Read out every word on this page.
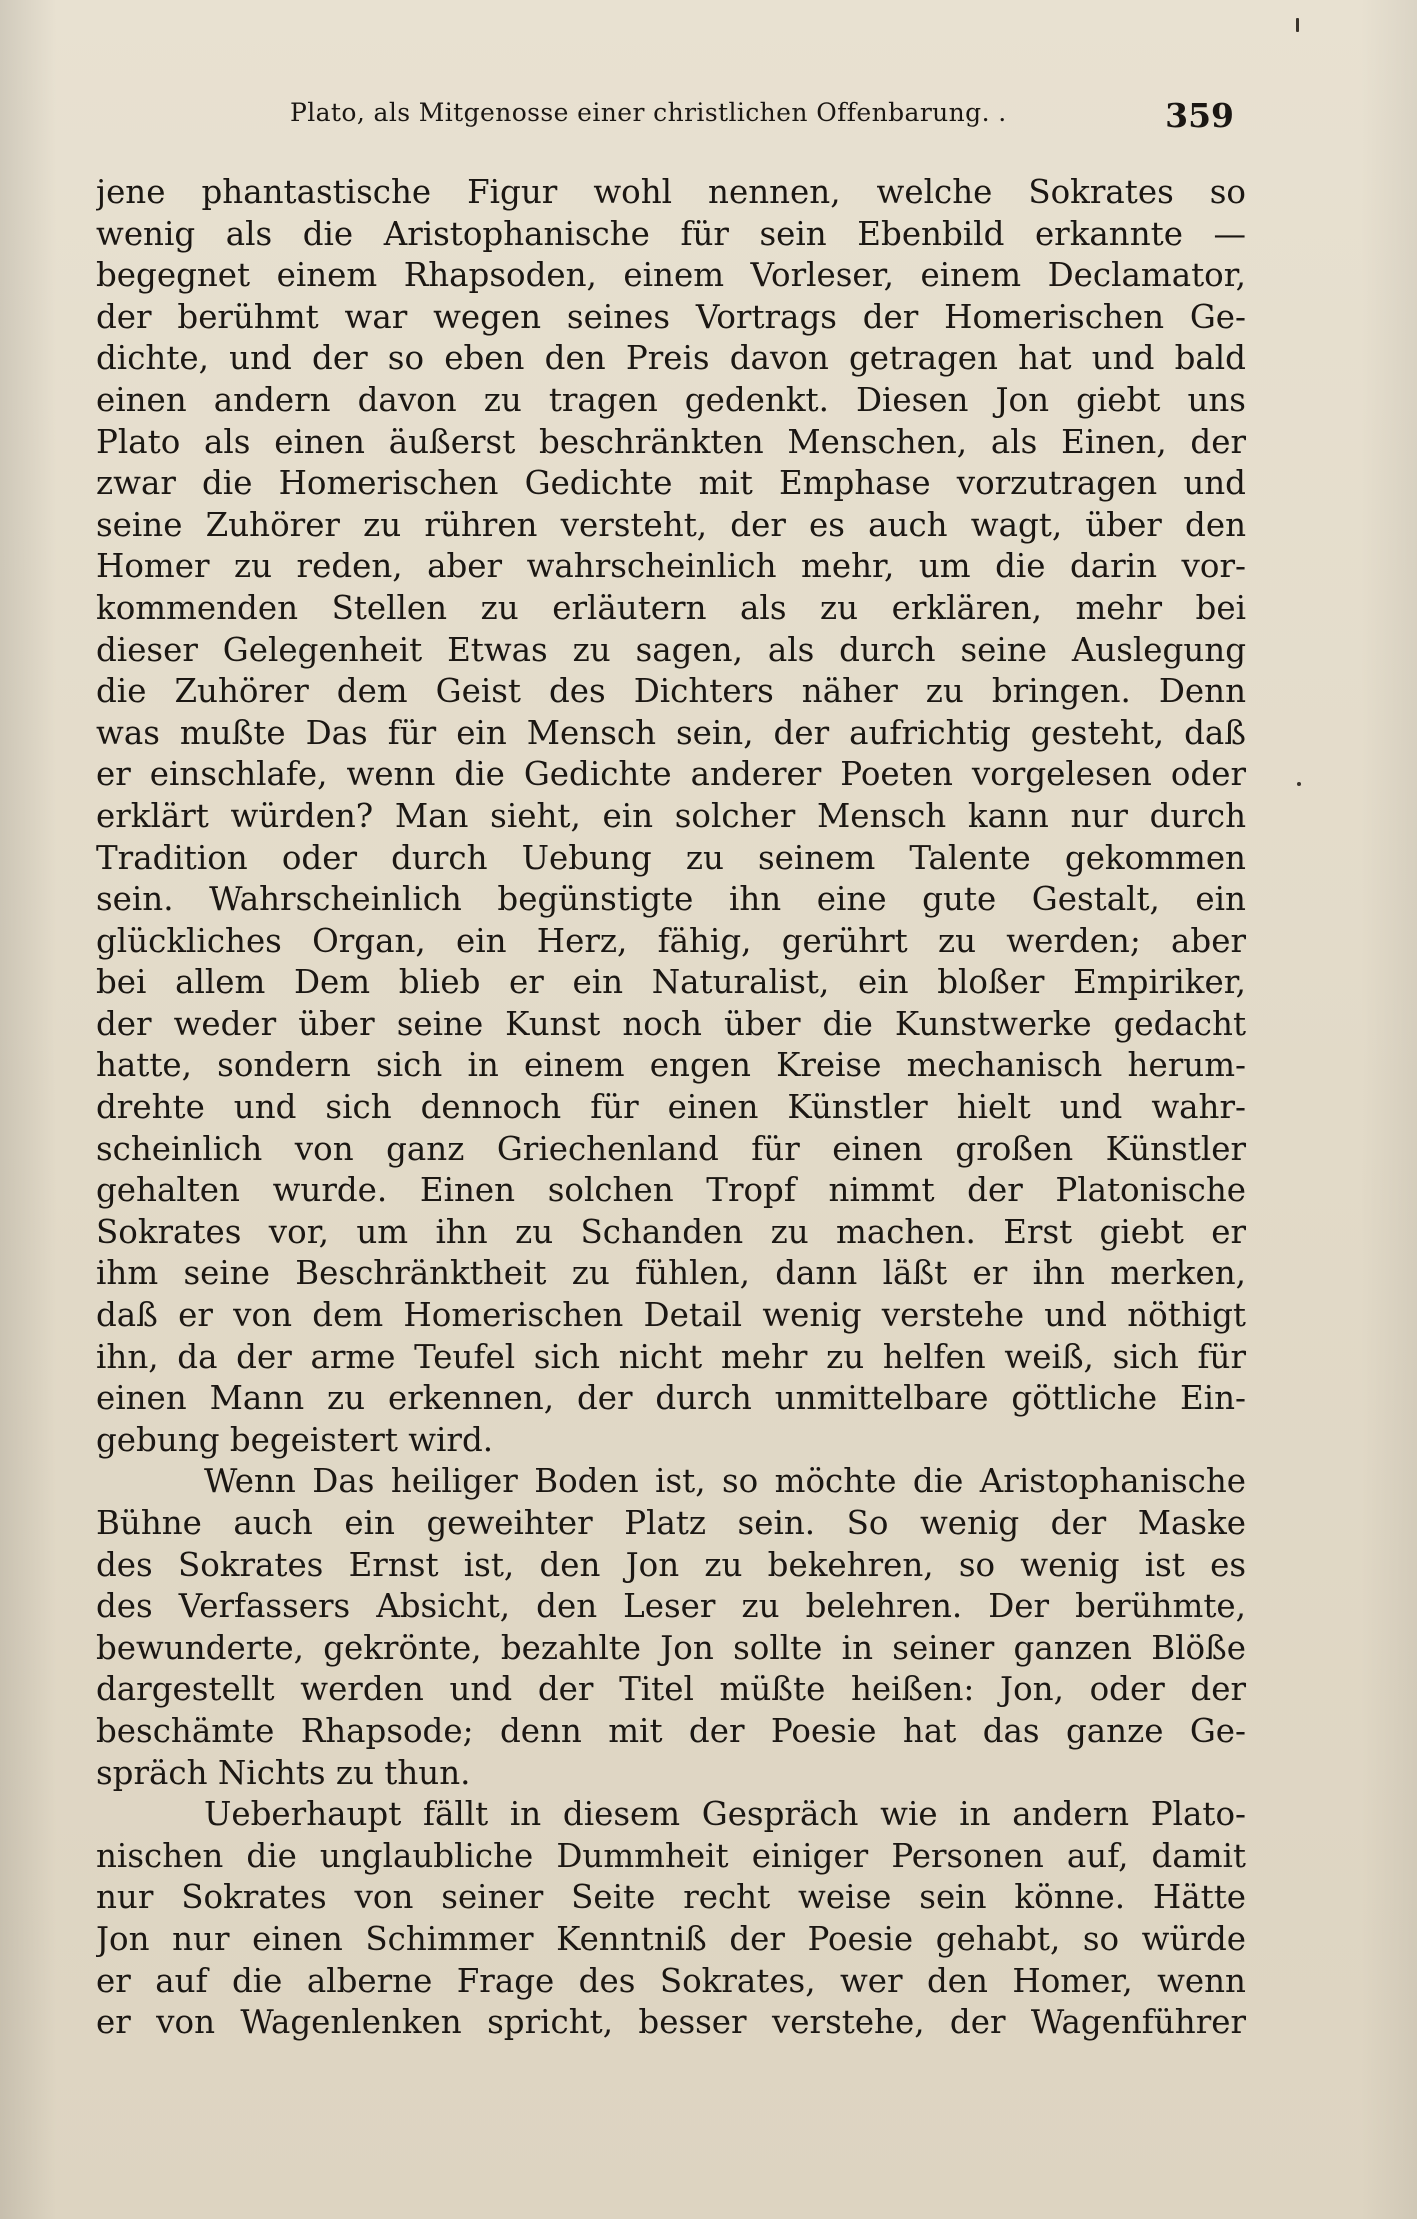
Plato, als Mitgenosse einer christlichen Offenbarung. .	359
jene phantastische Figur wohl nennen, welche Sokrates so
wenig als die Aristophanische für sein Ebenbild erkannte —
begegnet einem Rhapsoden, einem Vorleser, einem Declamator,
der berühmt war wegen seines Vortrags der Homerischen Ge-
dichte, und der so eben den Preis davon getragen hat und bald
einen andern davon zu tragen gedenkt. Diesen Jon giebt uns
Plato als einen äußerst beschränkten Menschen, als Einen, der
zwar die Homerischen Gedichte mit Emphase vorzutragen und
seine Zuhörer zu rühren versteht, der es auch wagt, über den
Homer zu reden, aber wahrscheinlich mehr, um die darin vor-
kommenden Stellen zu erläutern als zu erklären, mehr bei
dieser Gelegenheit Etwas zu sagen, als durch seine Auslegung
die Zuhörer dem Geist des Dichters näher zu bringen. Denn
was mußte Das für ein Mensch sein, der aufrichtig gesteht, daß
er einschlafe, wenn die Gedichte anderer Poeten vorgelesen oder
erklärt würden? Man sieht, ein solcher Mensch kann nur durch
Tradition oder durch Uebung zu seinem Talente gekommen
sein. Wahrscheinlich begünstigte ihn eine gute Gestalt, ein
glückliches Organ, ein Herz, fähig, gerührt zu werden; aber
bei allem Dem blieb er ein Naturalist, ein bloßer Empiriker,
der weder über seine Kunst noch über die Kunstwerke gedacht
hatte, sondern sich in einem engen Kreise mechanisch herum-
drehte und sich dennoch für einen Künstler hielt und wahr-
scheinlich von ganz Griechenland für einen großen Künstler
gehalten wurde. Einen solchen Tropf nimmt der Platonische
Sokrates vor, um ihn zu Schanden zu machen. Erst giebt er
ihm seine Beschränktheit zu fühlen, dann läßt er ihn merken,
daß er von dem Homerischen Detail wenig verstehe und nöthigt
ihn, da der arme Teufel sich nicht mehr zu helfen weiß, sich für
einen Mann zu erkennen, der durch unmittelbare göttliche Ein-
gebung begeistert wird.
Wenn Das heiliger Boden ist, so möchte die Aristophanische
Bühne auch ein geweihter Platz sein. So wenig der Maske
des Sokrates Ernst ist, den Jon zu bekehren, so wenig ist es
des Verfassers Absicht, den Leser zu belehren. Der berühmte,
bewunderte, gekrönte, bezahlte Jon sollte in seiner ganzen Blöße
dargestellt werden und der Titel müßte heißen: Jon, oder der
beschämte Rhapsode; denn mit der Poesie hat das ganze Ge-
spräch Nichts zu thun.
Ueberhaupt fällt in diesem Gespräch wie in andern Plato-
nischen die unglaubliche Dummheit einiger Personen auf, damit
nur Sokrates von seiner Seite recht weise sein könne. Hätte
Jon nur einen Schimmer Kenntniß der Poesie gehabt, so würde
er auf die alberne Frage des Sokrates, wer den Homer, wenn
er von Wagenlenken spricht, besser verstehe, der Wagenführer
